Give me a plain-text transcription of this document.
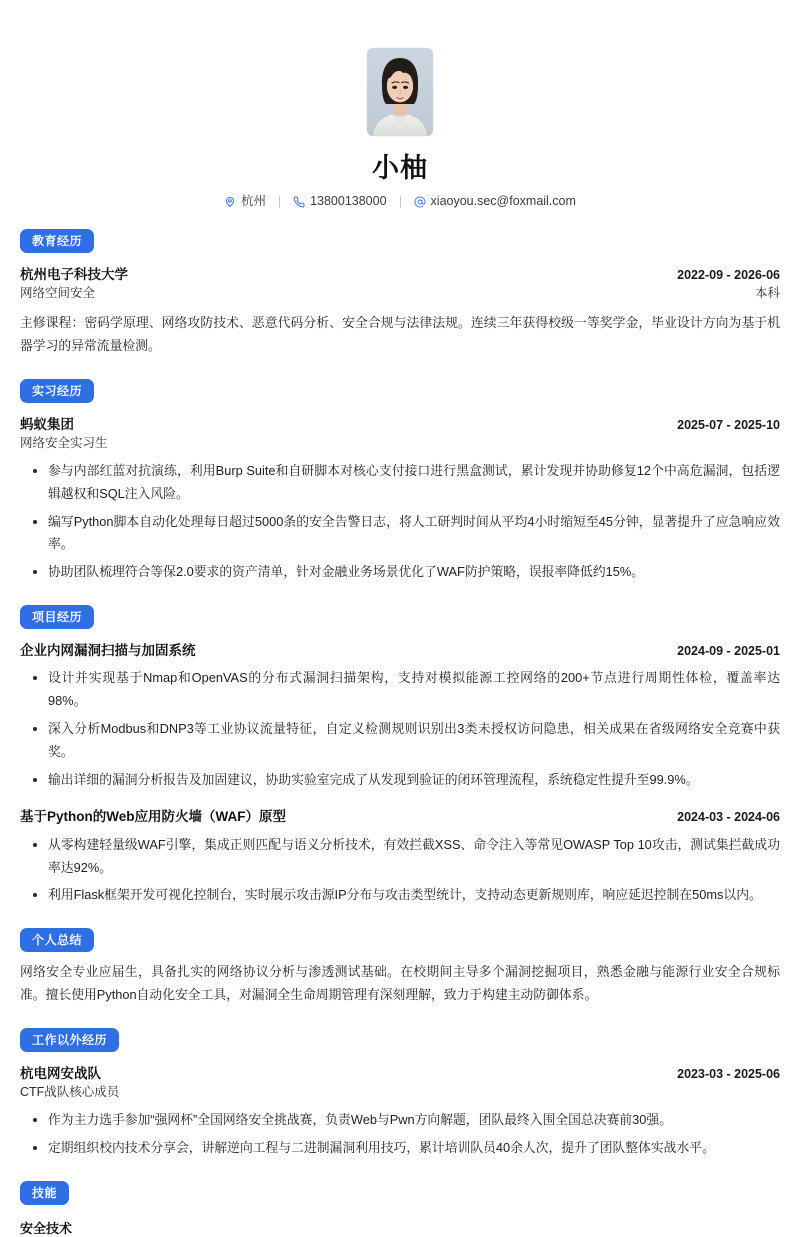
小柚
杭州	13800138000	xiaoyou.sec@foxmail.com
教育经历
杭州电子科技大学	2022-09 - 2026-06
网络空间安全	本科
主修课程：密码学原理、网络攻防技术、恶意代码分析、安全合规与法律法规。连续三年获得校级一等奖学金，毕业设计方向为基于机器学习的异常流量检测。
实习经历
蚂蚁集团	2025-07 - 2025-10
网络安全实习生
参与内部红蓝对抗演练，利用Burp Suite和自研脚本对核心支付接口进行黑盒测试，累计发现并协助修复12个中高危漏洞，包括逻辑越权和SQL注入风险。
编写Python脚本自动化处理每日超过5000条的安全告警日志，将人工研判时间从平均4小时缩短至45分钟，显著提升了应急响应效率。
协助团队梳理符合等保2.0要求的资产清单，针对金融业务场景优化了WAF防护策略，误报率降低约15%。
项目经历
企业内网漏洞扫描与加固系统	2024-09 - 2025-01
设计并实现基于Nmap和OpenVAS的分布式漏洞扫描架构，支持对模拟能源工控网络的200+节点进行周期性体检，覆盖率达98%。
深入分析Modbus和DNP3等工业协议流量特征，自定义检测规则识别出3类未授权访问隐患，相关成果在省级网络安全竞赛中获奖。
输出详细的漏洞分析报告及加固建议，协助实验室完成了从发现到验证的闭环管理流程，系统稳定性提升至99.9%。
基于Python的Web应用防火墙（WAF）原型	2024-03 - 2024-06
从零构建轻量级WAF引擎，集成正则匹配与语义分析技术，有效拦截XSS、命令注入等常见OWASP Top 10攻击，测试集拦截成功率达92%。
利用Flask框架开发可视化控制台，实时展示攻击源IP分布与攻击类型统计，支持动态更新规则库，响应延迟控制在50ms以内。
个人总结
网络安全专业应届生，具备扎实的网络协议分析与渗透测试基础。在校期间主导多个漏洞挖掘项目，熟悉金融与能源行业安全合规标准。擅长使用Python自动化安全工具，对漏洞全生命周期管理有深刻理解，致力于构建主动防御体系。
工作以外经历
杭电网安战队	2023-03 - 2025-06
CTF战队核心成员
作为主力选手参加“强网杯”全国网络安全挑战赛，负责Web与Pwn方向解题，团队最终入围全国总决赛前30强。
定期组织校内技术分享会，讲解逆向工程与二进制漏洞利用技巧，累计培训队员40余人次，提升了团队整体实战水平。
技能
安全技术
